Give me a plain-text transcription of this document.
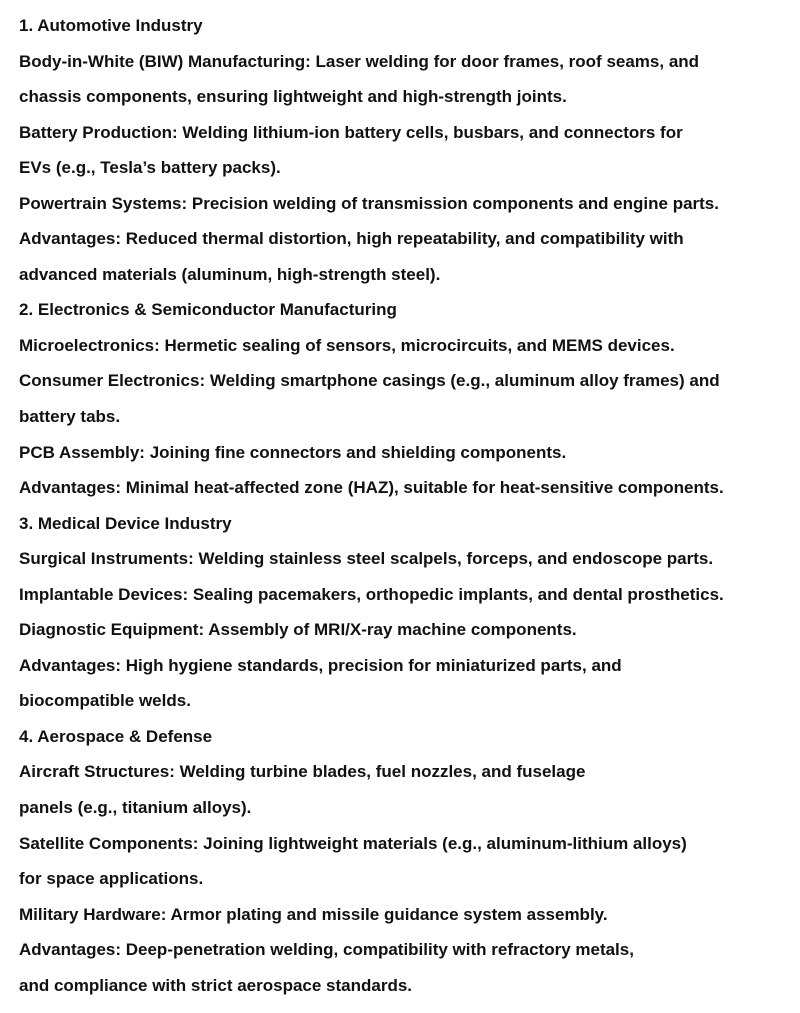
1. Automotive Industry

Body-in-White (BIW) Manufacturing: Laser welding for door frames, roof seams, and

chassis components, ensuring lightweight and high-strength joints.

Battery Production: Welding lithium-ion battery cells, busbars, and connectors for

EVs (e.g., Tesla’s battery packs).

Powertrain Systems: Precision welding of transmission components and engine parts.

Advantages: Reduced thermal distortion, high repeatability, and compatibility with

advanced materials (aluminum, high-strength steel).

2. Electronics & Semiconductor Manufacturing

Microelectronics: Hermetic sealing of sensors, microcircuits, and MEMS devices.

Consumer Electronics: Welding smartphone casings (e.g., aluminum alloy frames) and

battery tabs.

PCB Assembly: Joining fine connectors and shielding components.

Advantages: Minimal heat-affected zone (HAZ), suitable for heat-sensitive components.

3. Medical Device Industry

Surgical Instruments: Welding stainless steel scalpels, forceps, and endoscope parts.

Implantable Devices: Sealing pacemakers, orthopedic implants, and dental prosthetics.

Diagnostic Equipment: Assembly of MRI/X-ray machine components.

Advantages: High hygiene standards, precision for miniaturized parts, and

biocompatible welds.

4. Aerospace & Defense

Aircraft Structures: Welding turbine blades, fuel nozzles, and fuselage

panels (e.g., titanium alloys).

Satellite Components: Joining lightweight materials (e.g., aluminum-lithium alloys)

for space applications.

Military Hardware: Armor plating and missile guidance system assembly.

Advantages: Deep-penetration welding, compatibility with refractory metals,

and compliance with strict aerospace standards.
